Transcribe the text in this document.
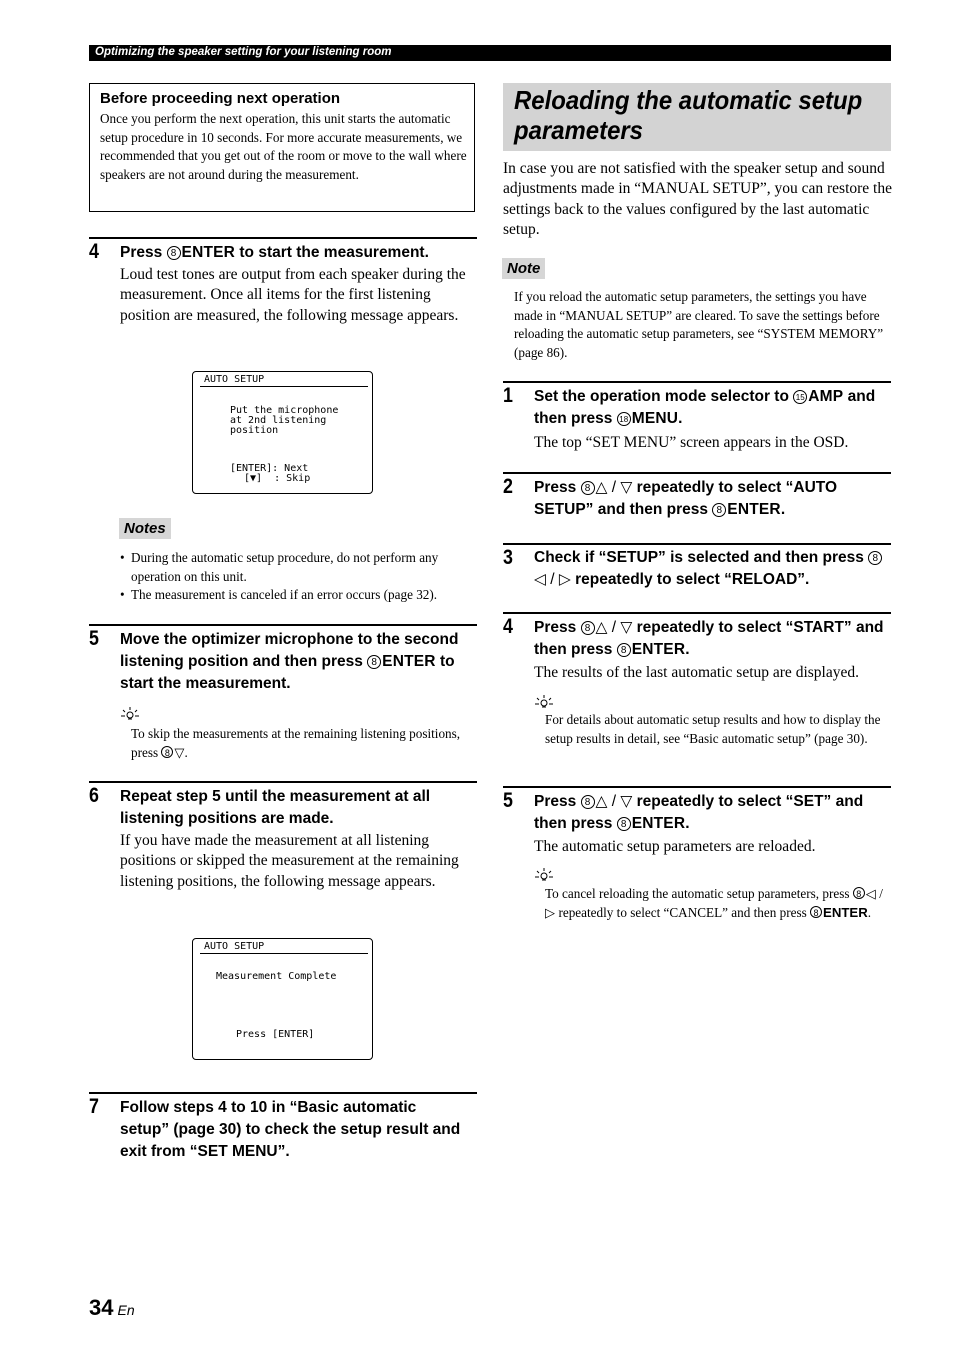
Optimizing the speaker setting for your listening room
Before proceeding next operation

Once you perform the next operation, this unit starts the automatic setup procedure in 10 seconds. For more accurate measurements, we recommended that you get out of the room or move to the wall where speakers are not around during the measurement.

4 Press 8 ENTER to start the measurement.
Loud test tones are output from each speaker during the measurement. Once all items for the first listening position are measured, the following message appears.
AUTO SETUP
Put the microphone
at 2nd listening
position
[ENTER]: Next
[▼]  : Skip
Notes
• During the automatic setup procedure, do not perform any operation on this unit.
• The measurement is canceled if an error occurs (page 32).
5 Move the optimizer microphone to the second listening position and then press 8 ENTER to start the measurement.
To skip the measurements at the remaining listening positions, press 8 ▽.
6 Repeat step 5 until the measurement at all listening positions are made.
If you have made the measurement at all listening positions or skipped the measurement at the remaining listening positions, the following message appears.
AUTO SETUP
Measurement Complete
Press [ENTER]
7 Follow steps 4 to 10 in “Basic automatic setup” (page 30) to check the setup result and exit from “SET MENU”.
Reloading the automatic setup parameters
In case you are not satisfied with the speaker setup and sound adjustments made in “MANUAL SETUP”, you can restore the settings back to the values configured by the last automatic setup.
Note
If you reload the automatic setup parameters, the settings you have made in “MANUAL SETUP” are cleared. To save the settings before reloading the automatic setup parameters, see “SYSTEM MEMORY” (page 86).
1 Set the operation mode selector to 15 AMP and then press 18 MENU.
The top “SET MENU” screen appears in the OSD.
2 Press 8 △ / ▽ repeatedly to select “AUTO SETUP” and then press 8 ENTER.
3 Check if “SETUP” is selected and then press 8◁ / ▷ repeatedly to select “RELOAD”.
4 Press 8 △ / ▽ repeatedly to select “START” and then press 8 ENTER.
The results of the last automatic setup are displayed.
For details about automatic setup results and how to display the setup results in detail, see “Basic automatic setup” (page 30).
5 Press 8 △ / ▽ repeatedly to select “SET” and then press 8 ENTER.
The automatic setup parameters are reloaded.
To cancel reloading the automatic setup parameters, press 8 ◁ / ▷ repeatedly to select “CANCEL” and then press 8 ENTER.
34 En
